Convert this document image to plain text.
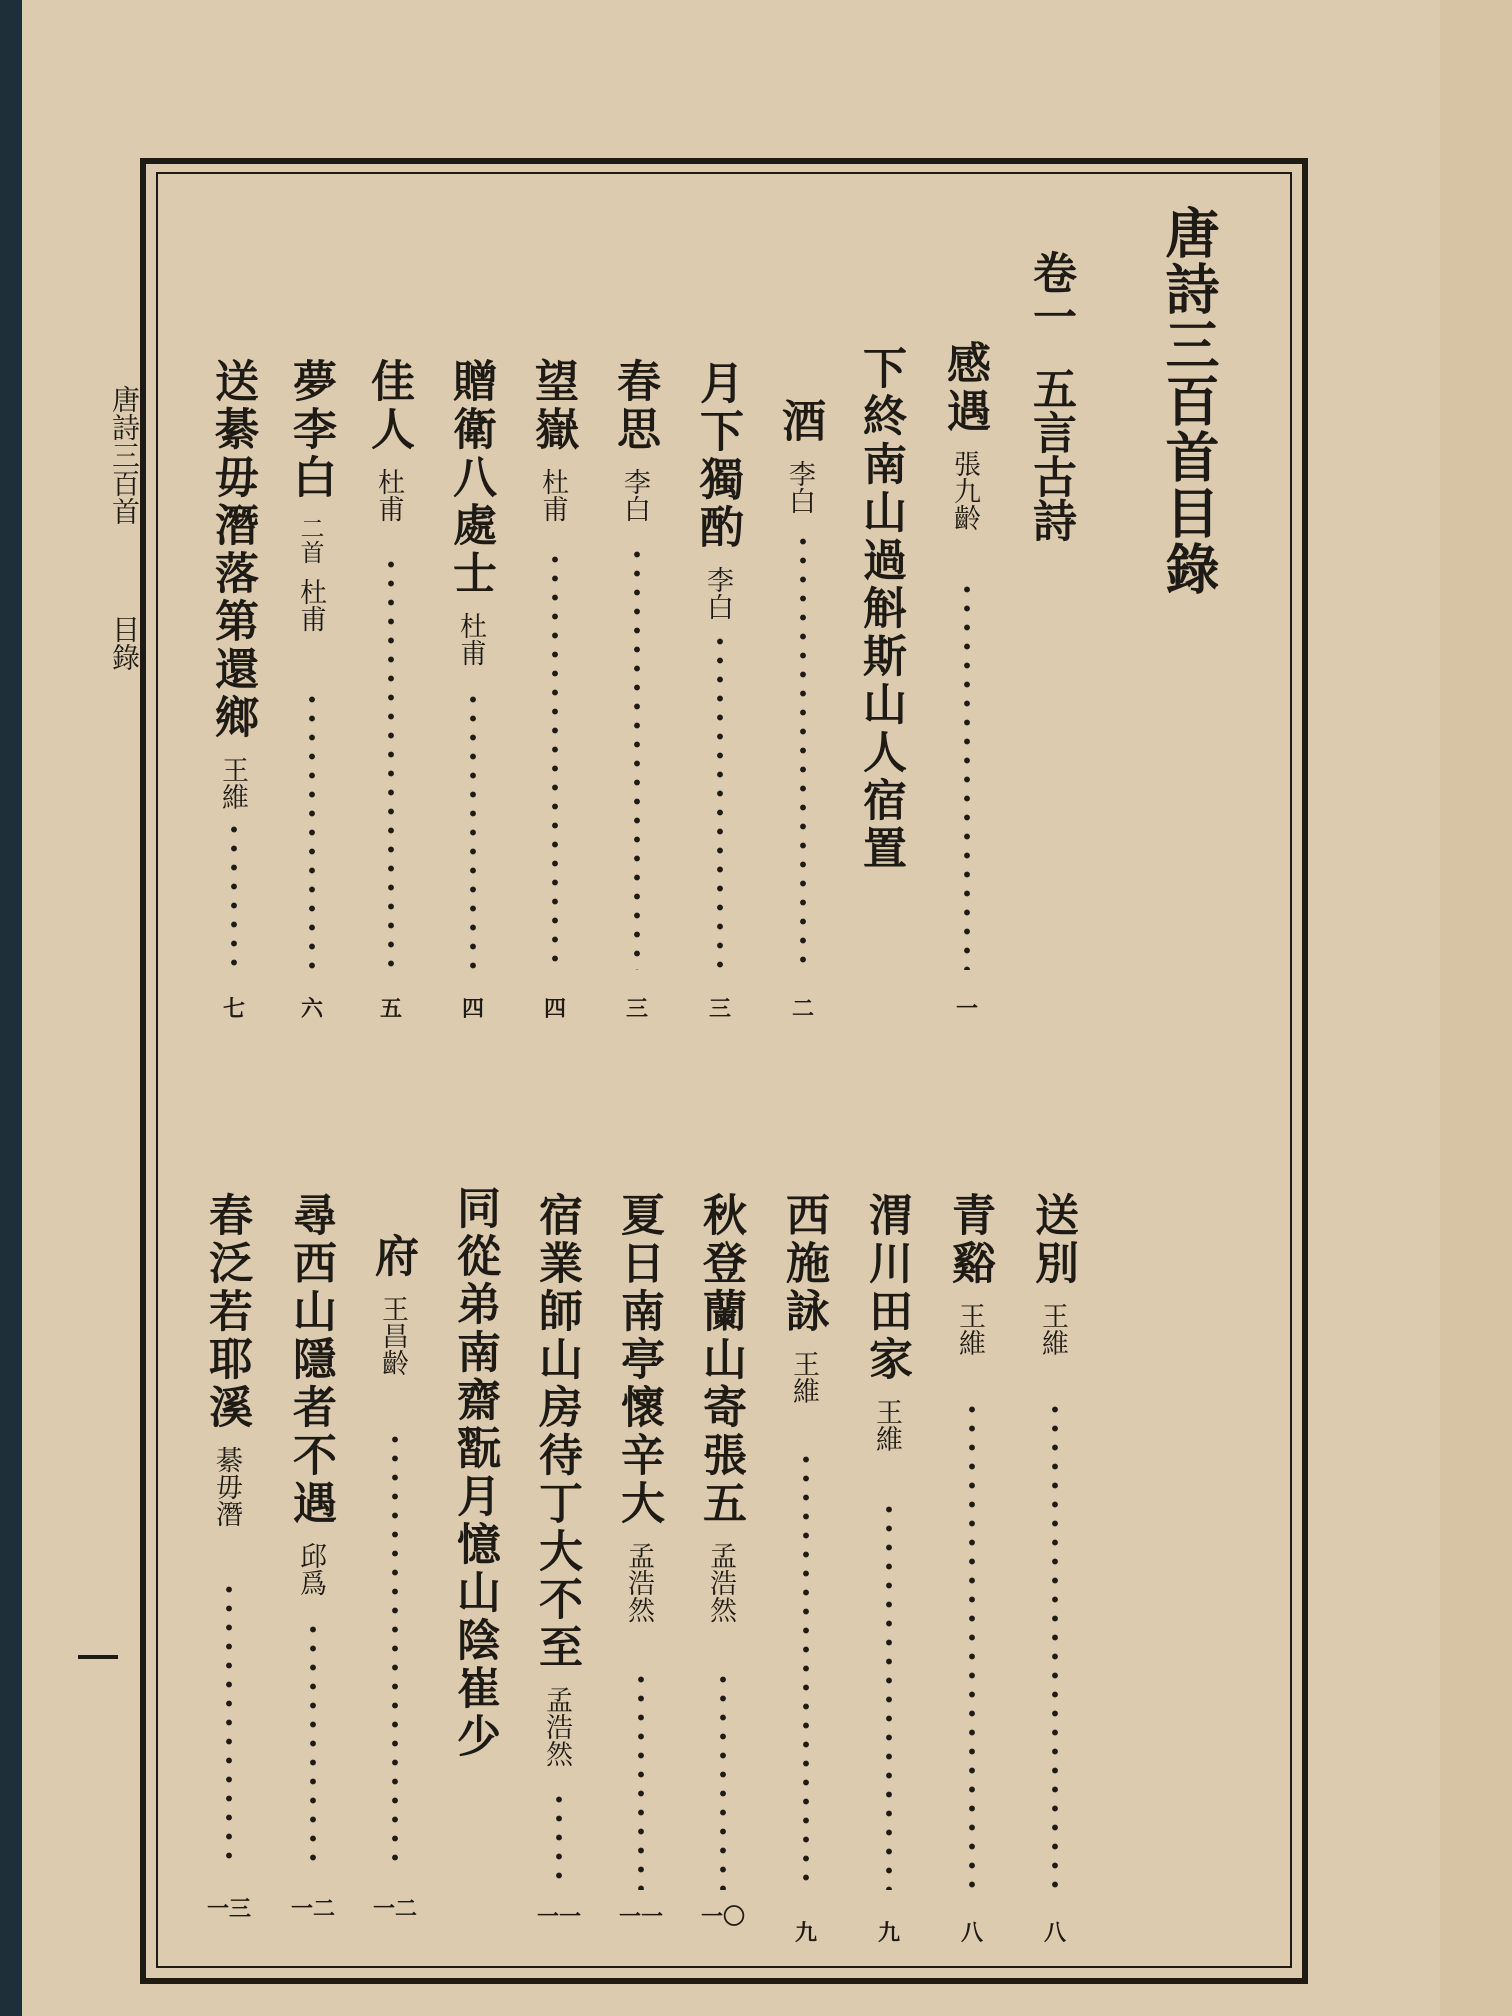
唐詩三百首目錄
卷一五言古詩
唐詩三百首目錄
感遇張九齡
一
下終南山過斛斯山人宿置
酒李白
二
月下獨酌李白
三
春思李白
三
望嶽杜甫
四
贈衛八處士杜甫
四
佳人杜甫
五
夢李白二首杜甫
六
送綦毋潛落第還鄉王維
七
送別王維
八
青谿王維
八
渭川田家王維
九
西施詠王維
九
秋登蘭山寄張五孟浩然
一〇
夏日南亭懷辛大孟浩然
一一
宿業師山房待丁大不至孟浩然
一一
同從弟南齋翫月憶山陰崔少
府王昌齡
一二
尋西山隱者不遇邱爲
一二
春泛若耶溪綦毋潛
一三
